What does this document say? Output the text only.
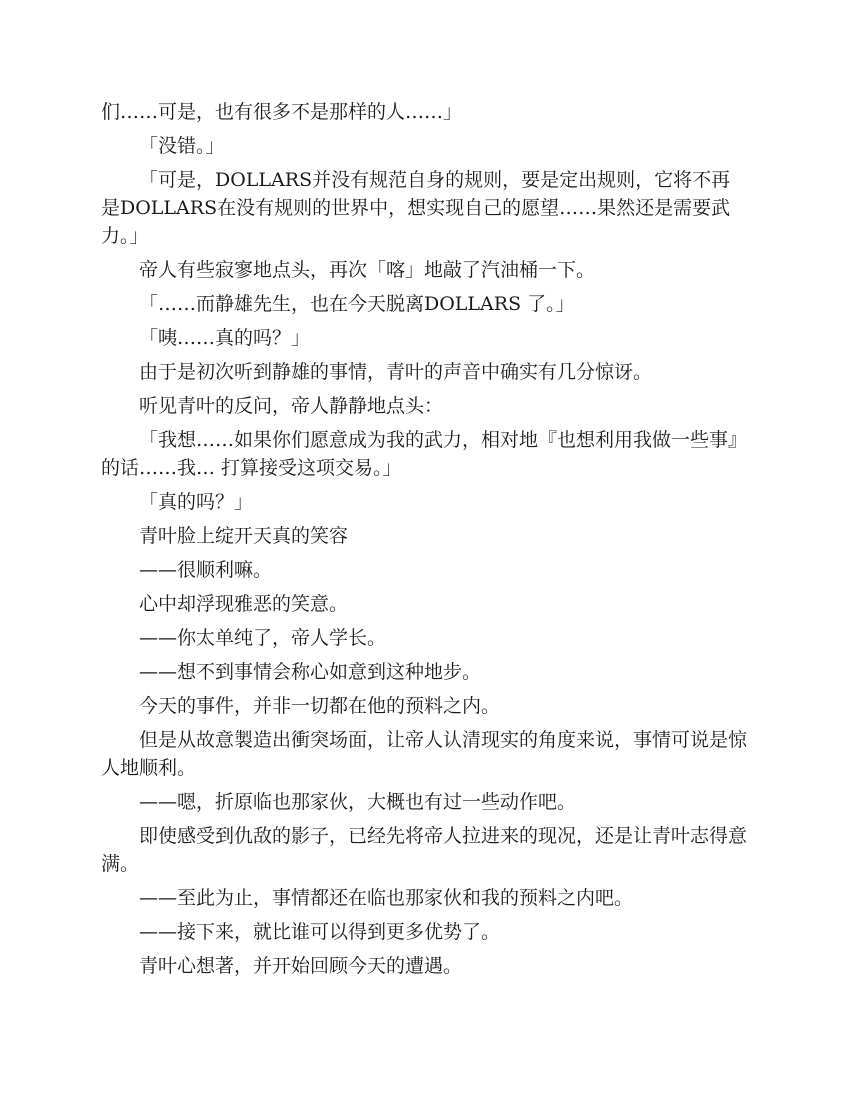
们……可是，也有很多不是那样的人……」

「没错。」

「可是，DOLLARS并没有规范自身的规则，要是定出规则，它将不再是DOLLARS在没有规则的世界中，想实现自己的愿望……果然还是需要武力。」

帝人有些寂寥地点头，再次「喀」地敲了汽油桶一下。

「……而静雄先生，也在今天脱离DOLLARS 了。」

「咦……真的吗？」

由于是初次听到静雄的事情，青叶的声音中确实有几分惊讶。

听见青叶的反问，帝人静静地点头：

「我想……如果你们愿意成为我的武力，相对地『也想利用我做一些事』的话……我… 打算接受这项交易。」

「真的吗？」

青叶脸上绽开天真的笑容

——很顺利嘛。

心中却浮现雅恶的笑意。

——你太单纯了，帝人学长。

——想不到事情会称心如意到这种地步。

今天的事件，并非一切都在他的预料之内。

但是从故意製造出衝突场面，让帝人认清现实的角度来说，事情可说是惊人地顺利。

——嗯，折原临也那家伙，大概也有过一些动作吧。

即使感受到仇敌的影子，已经先将帝人拉进来的现况，还是让青叶志得意满。

——至此为止，事情都还在临也那家伙和我的预料之内吧。

——接下来，就比谁可以得到更多优势了。

青叶心想著，并开始回顾今天的遭遇。
